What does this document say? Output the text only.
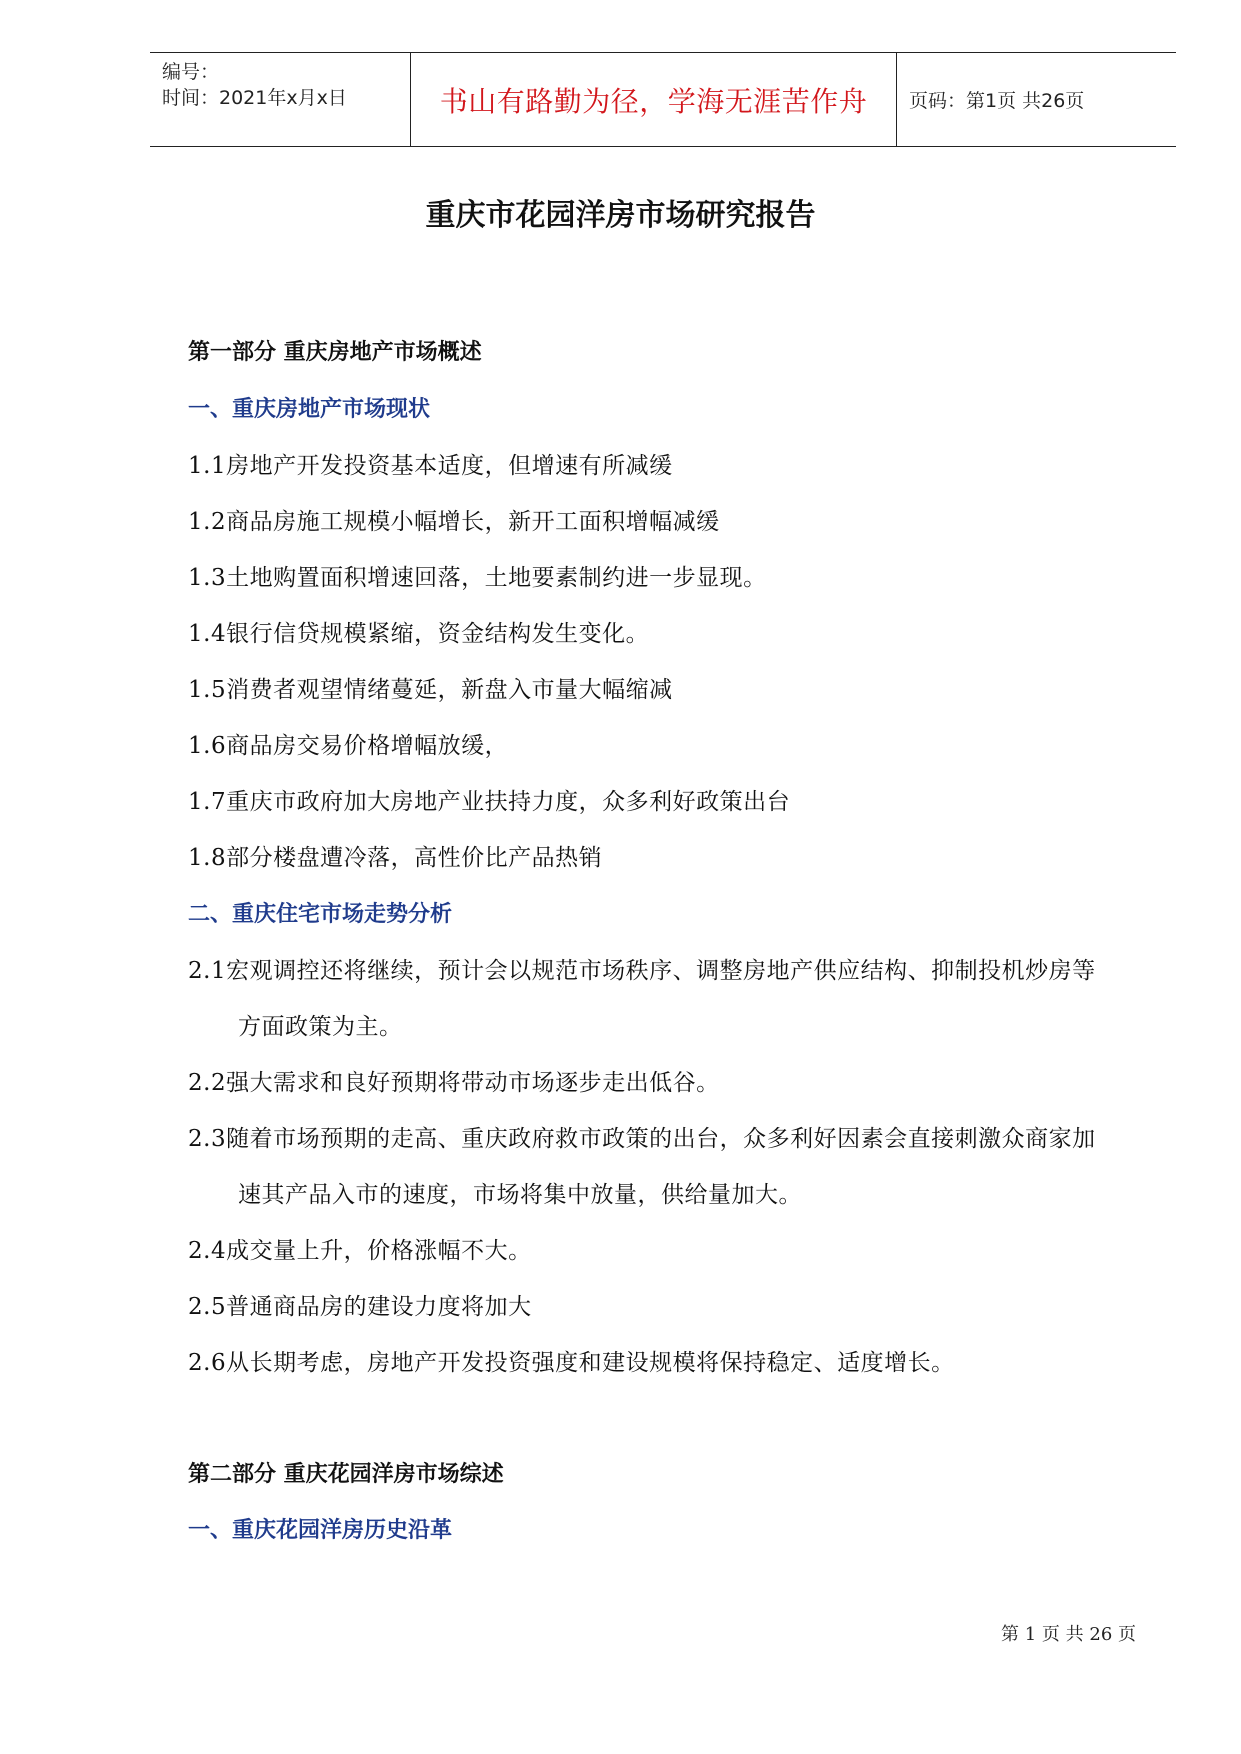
编号：
时间：2021年x月x日	书山有路勤为径，学海无涯苦作舟 页码：第1页 共26页
重庆市花园洋房市场研究报告
第一部分 重庆房地产市场概述
一、重庆房地产市场现状
1.1房地产开发投资基本适度，但增速有所减缓
1.2商品房施工规模小幅增长，新开工面积增幅减缓
1.3土地购置面积增速回落，土地要素制约进一步显现。
1.4银行信贷规模紧缩，资金结构发生变化。
1.5消费者观望情绪蔓延，新盘入市量大幅缩减
1.6商品房交易价格增幅放缓，
1.7重庆市政府加大房地产业扶持力度，众多利好政策出台
1.8部分楼盘遭冷落，高性价比产品热销
二、重庆住宅市场走势分析
2.1宏观调控还将继续，预计会以规范市场秩序、调整房地产供应结构、抑制投机炒房等
方面政策为主。
2.2强大需求和良好预期将带动市场逐步走出低谷。
2.3随着市场预期的走高、重庆政府救市政策的出台，众多利好因素会直接刺激众商家加
速其产品入市的速度，市场将集中放量，供给量加大。
2.4成交量上升，价格涨幅不大。
2.5普通商品房的建设力度将加大
2.6从长期考虑，房地产开发投资强度和建设规模将保持稳定、适度增长。
第二部分 重庆花园洋房市场综述
一、重庆花园洋房历史沿革
第 1 页 共 26 页
